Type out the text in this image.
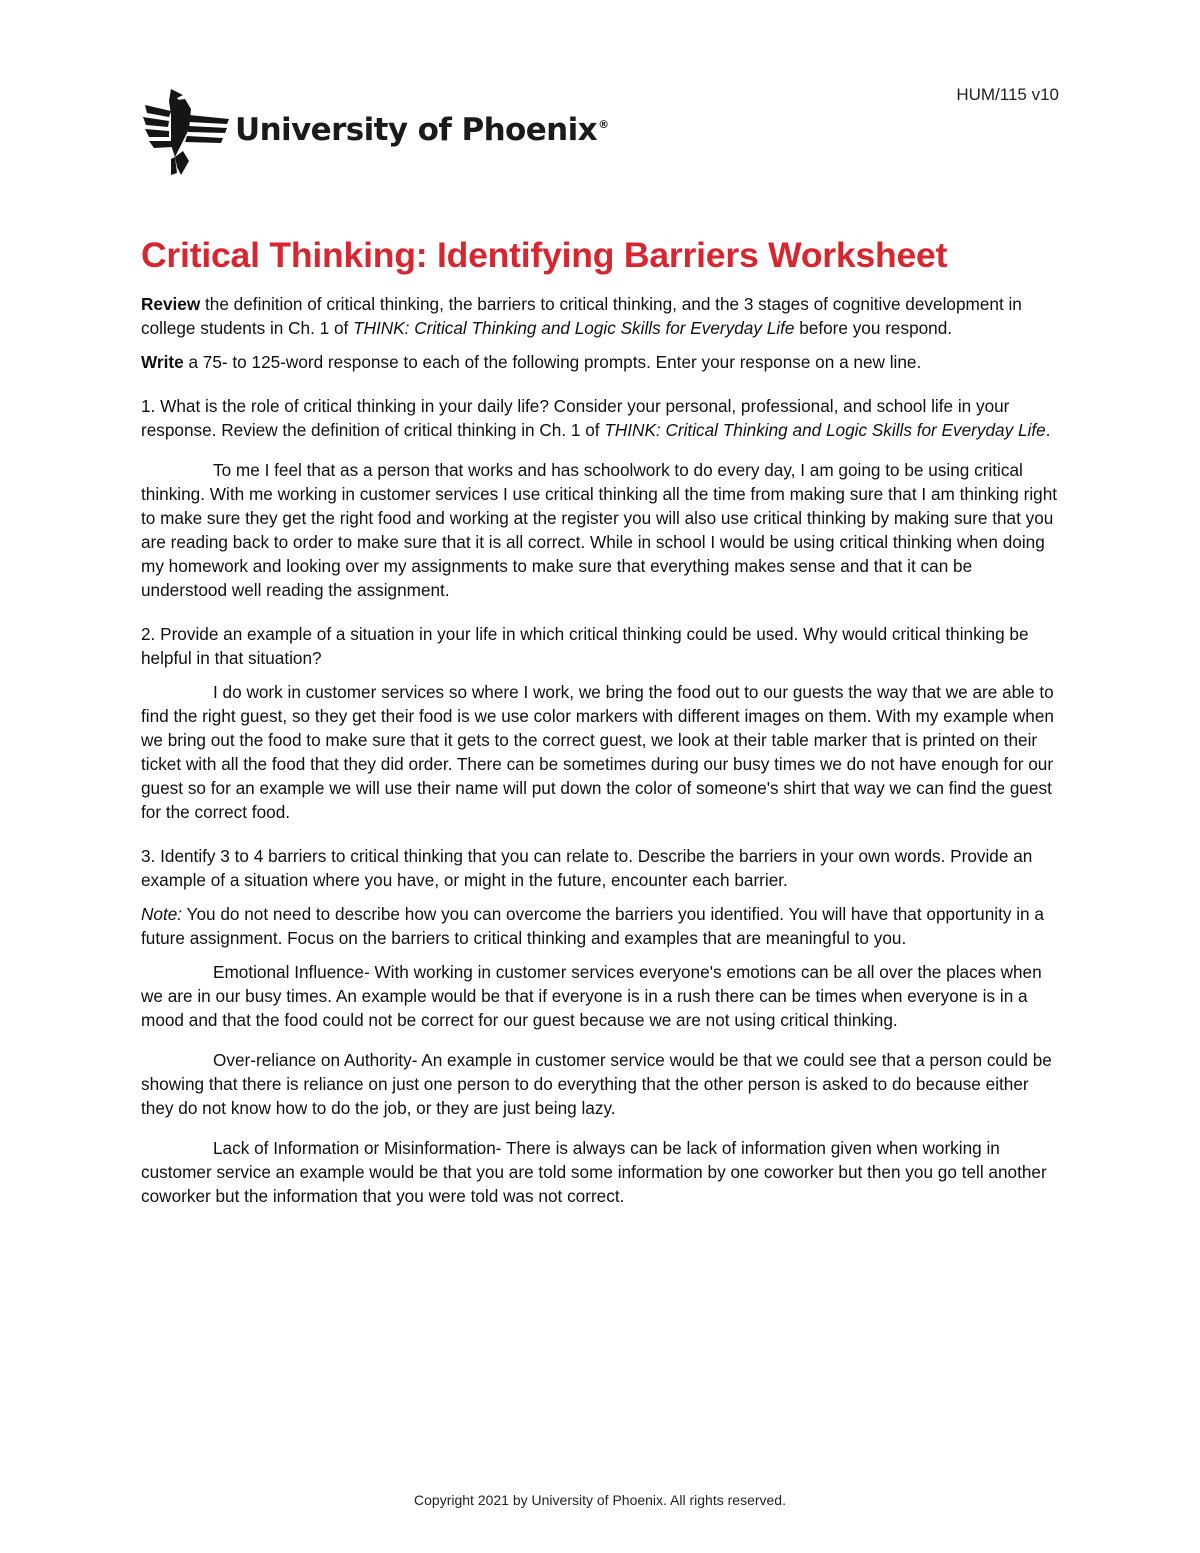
HUM/115 v10
University of Phoenix®
Critical Thinking: Identifying Barriers Worksheet

Review the definition of critical thinking, the barriers to critical thinking, and the 3 stages of cognitive development in college students in Ch. 1 of THINK: Critical Thinking and Logic Skills for Everyday Life before you respond.

Write a 75- to 125-word response to each of the following prompts. Enter your response on a new line.

1. What is the role of critical thinking in your daily life? Consider your personal, professional, and school life in your response. Review the definition of critical thinking in Ch. 1 of THINK: Critical Thinking and Logic Skills for Everyday Life.

To me I feel that as a person that works and has schoolwork to do every day, I am going to be using critical thinking. With me working in customer services I use critical thinking all the time from making sure that I am thinking right to make sure they get the right food and working at the register you will also use critical thinking by making sure that you are reading back to order to make sure that it is all correct. While in school I would be using critical thinking when doing my homework and looking over my assignments to make sure that everything makes sense and that it can be understood well reading the assignment.

2. Provide an example of a situation in your life in which critical thinking could be used. Why would critical thinking be helpful in that situation?

I do work in customer services so where I work, we bring the food out to our guests the way that we are able to find the right guest, so they get their food is we use color markers with different images on them. With my example when we bring out the food to make sure that it gets to the correct guest, we look at their table marker that is printed on their ticket with all the food that they did order. There can be sometimes during our busy times we do not have enough for our guest so for an example we will use their name will put down the color of someone's shirt that way we can find the guest for the correct food.

3. Identify 3 to 4 barriers to critical thinking that you can relate to. Describe the barriers in your own words. Provide an example of a situation where you have, or might in the future, encounter each barrier.

Note: You do not need to describe how you can overcome the barriers you identified. You will have that opportunity in a future assignment. Focus on the barriers to critical thinking and examples that are meaningful to you.

Emotional Influence- With working in customer services everyone's emotions can be all over the places when we are in our busy times. An example would be that if everyone is in a rush there can be times when everyone is in a mood and that the food could not be correct for our guest because we are not using critical thinking.

Over-reliance on Authority- An example in customer service would be that we could see that a person could be showing that there is reliance on just one person to do everything that the other person is asked to do because either they do not know how to do the job, or they are just being lazy.

Lack of Information or Misinformation- There is always can be lack of information given when working in customer service an example would be that you are told some information by one coworker but then you go tell another coworker but the information that you were told was not correct.

Copyright 2021 by University of Phoenix. All rights reserved.
